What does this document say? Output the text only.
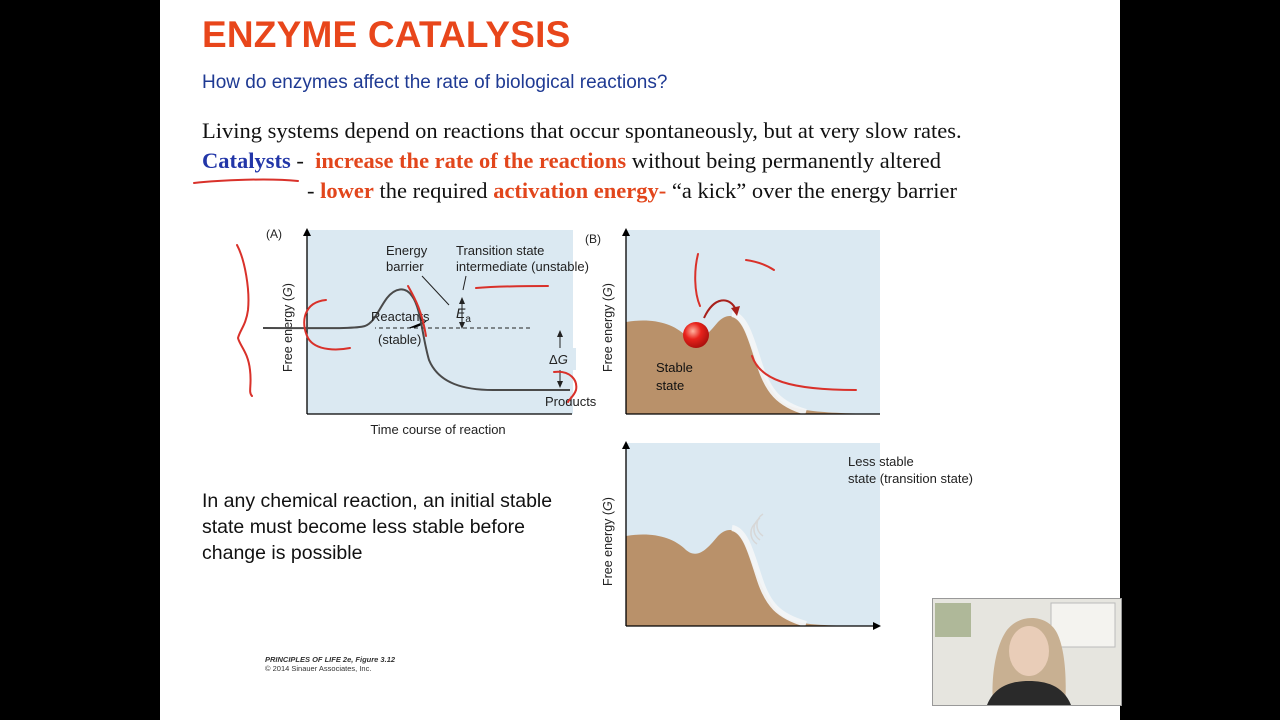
ENZYME CATALYSIS
How do enzymes affect the rate of biological reactions?
Living systems depend on reactions that occur spontaneously, but at very slow rates.
Catalysts -  increase the rate of the reactions without being permanently altered
- lower the required activation energy- “a kick” over the energy barrier
(A)
Free energy (G)
Time course of reaction
$E_a$
ΔG
Energy
barrier
Transition state
intermediate (unstable)
Reactants
(stable)
Products
(B)
Free energy (G)
Stable
state
Free energy (G)
Less stable
state (transition state)
In any chemical reaction, an initial stable state must become less stable before change is possible
PRINCIPLES OF LIFE 2e, Figure 3.12
© 2014 Sinauer Associates, Inc.
